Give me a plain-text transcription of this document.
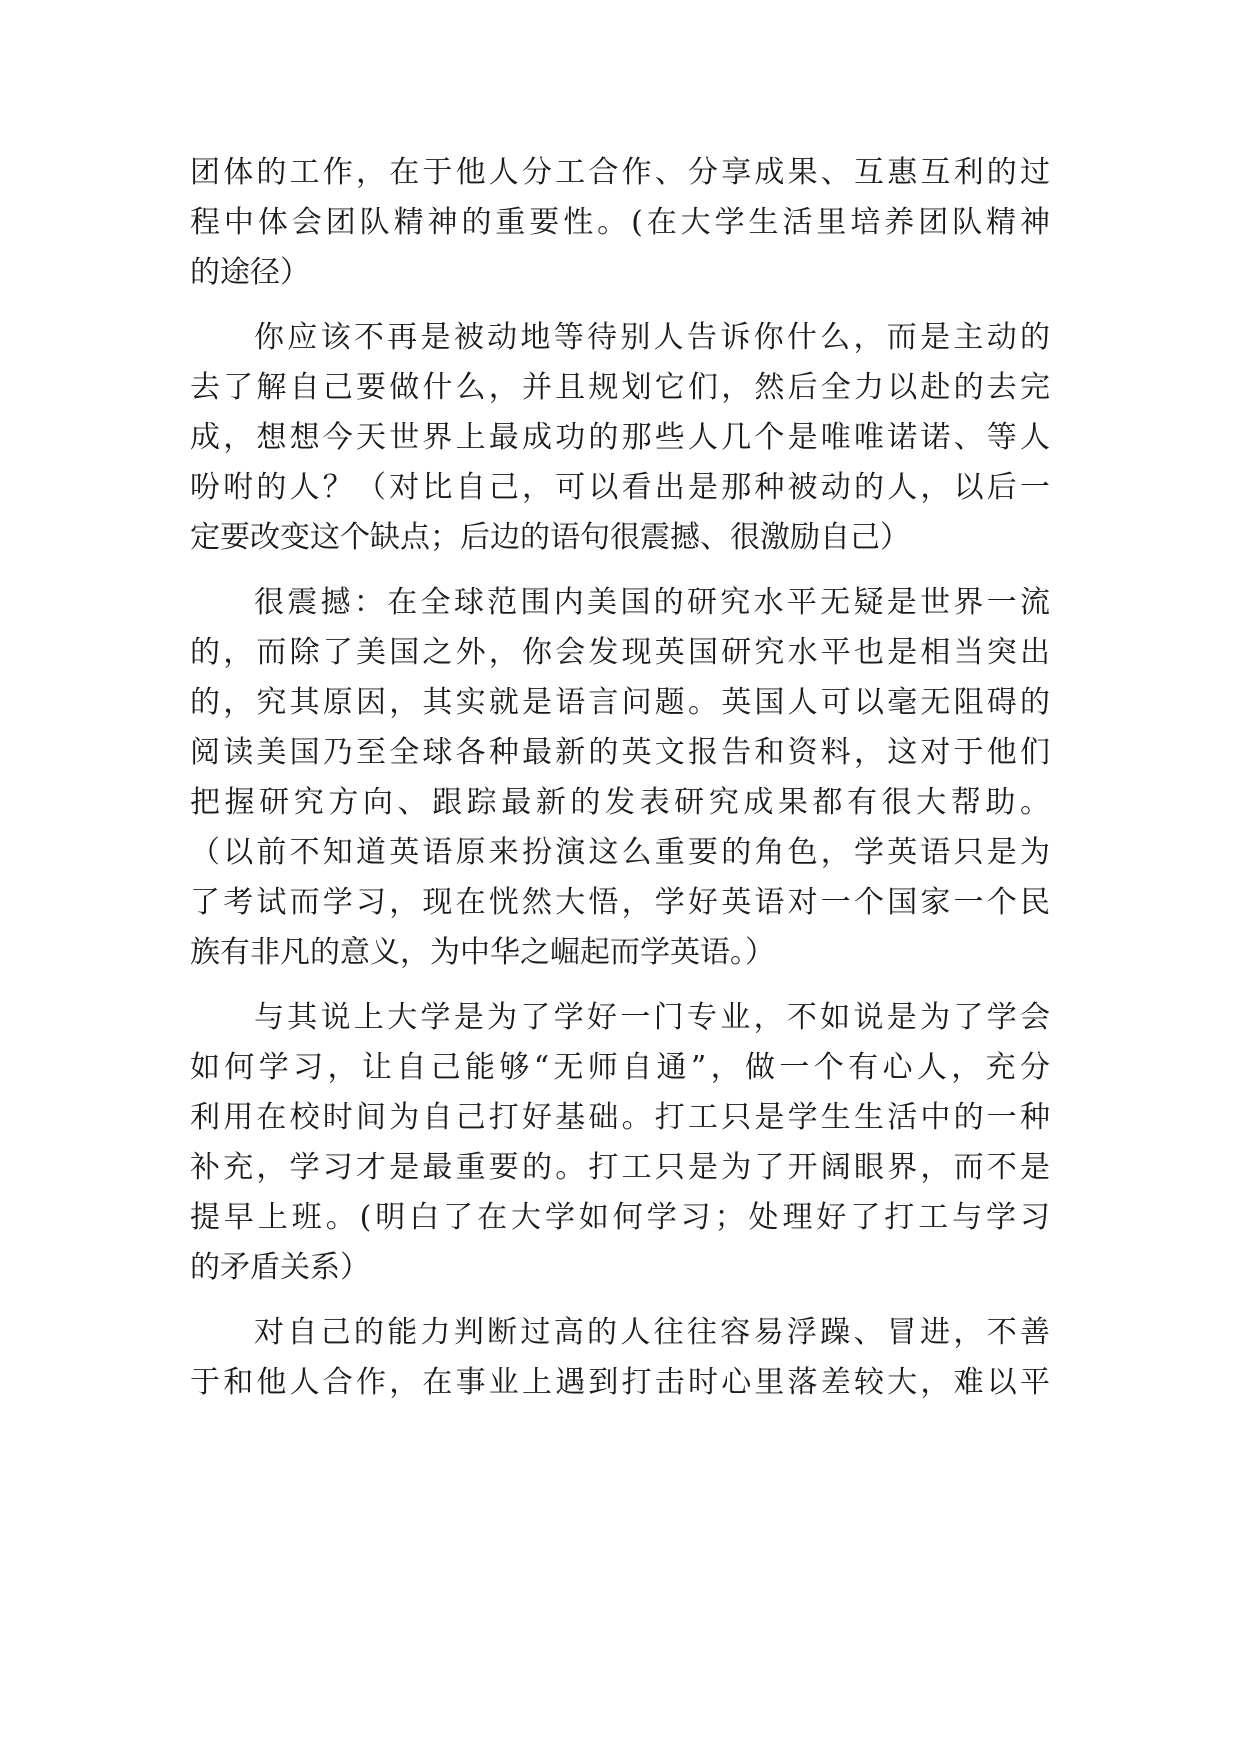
团体的工作，在于他人分工合作、分享成果、互惠互利的过
程中体会团队精神的重要性。(在大学生活里培养团队精神
的途径）
你应该不再是被动地等待别人告诉你什么，而是主动的
去了解自己要做什么，并且规划它们，然后全力以赴的去完
成，想想今天世界上最成功的那些人几个是唯唯诺诺、等人
吩咐的人？（对比自己，可以看出是那种被动的人，以后一
定要改变这个缺点；后边的语句很震撼、很激励自己）
很震撼：在全球范围内美国的研究水平无疑是世界一流
的，而除了美国之外，你会发现英国研究水平也是相当突出
的，究其原因，其实就是语言问题。英国人可以毫无阻碍的
阅读美国乃至全球各种最新的英文报告和资料，这对于他们
把握研究方向、跟踪最新的发表研究成果都有很大帮助。
（以前不知道英语原来扮演这么重要的角色，学英语只是为
了考试而学习，现在恍然大悟，学好英语对一个国家一个民
族有非凡的意义，为中华之崛起而学英语。）
与其说上大学是为了学好一门专业，不如说是为了学会
如何学习，让自己能够“无师自通”，做一个有心人，充分
利用在校时间为自己打好基础。打工只是学生生活中的一种
补充，学习才是最重要的。打工只是为了开阔眼界，而不是
提早上班。(明白了在大学如何学习；处理好了打工与学习
的矛盾关系）
对自己的能力判断过高的人往往容易浮躁、冒进，不善
于和他人合作，在事业上遇到打击时心里落差较大，难以平
